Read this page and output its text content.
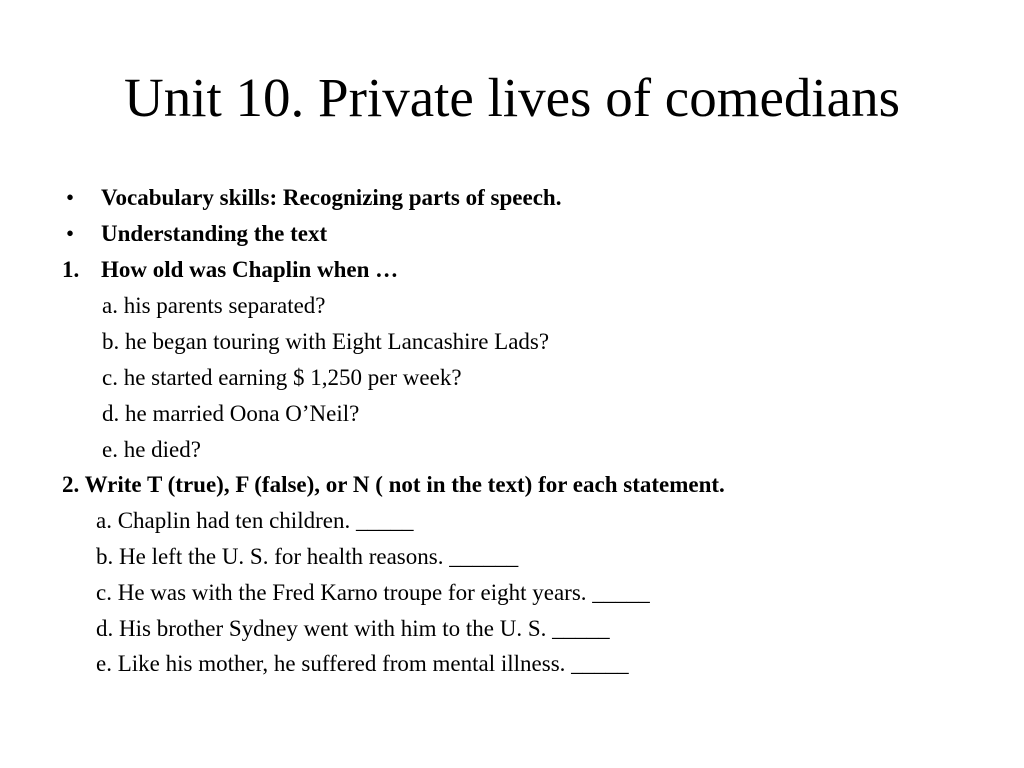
Unit 10. Private lives of comedians
• Vocabulary skills: Recognizing parts of speech.
• Understanding the text
1. How old was Chaplin when …
a. his parents separated?
b. he began touring with Eight Lancashire Lads?
c. he started earning $ 1,250 per week?
d. he married Oona O’Neil?
e. he died?
2. Write T (true), F (false), or N ( not in the text) for each statement.
a. Chaplin had ten children. _____
b. He left the U. S. for health reasons. ______
c. He was with the Fred Karno troupe for eight years. _____
d. His brother Sydney went with him to the U. S. _____
e. Like his mother, he suffered from mental illness. _____
